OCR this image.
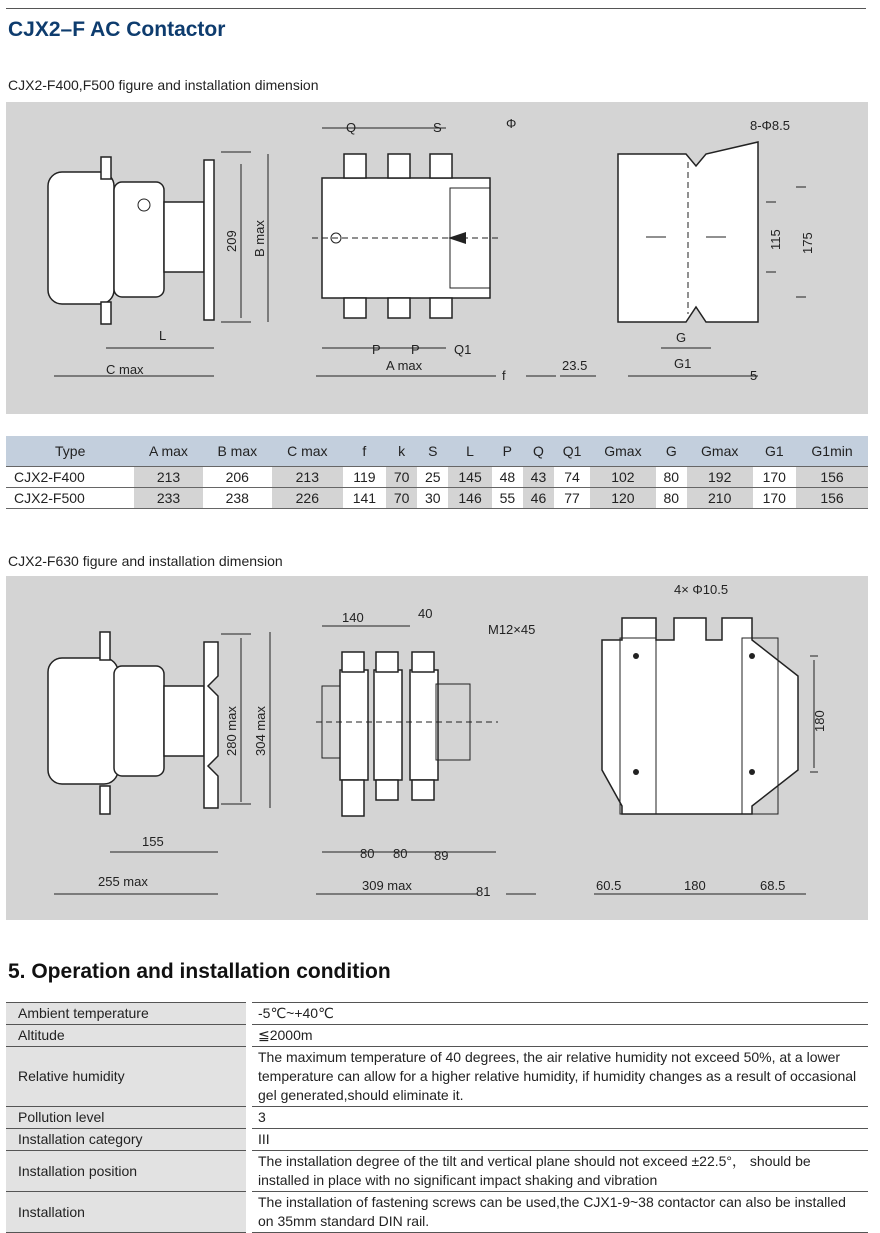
CJX2–F AC Contactor
CJX2-F400,F500 figure and installation dimension
209 B max
L
C max
Q	S	Φ
P P	Q1
A max
f
8-Φ8.5
115 175
23.5
G
G1
5
Type	A max	B max	C max	f	k	S	L	P	Q	Q1	Gmax	G	Gmax	G1	G1min
CJX2-F400	213	206	213	119	70	25	145	48	43	74	102	80	192	170	156
CJX2-F500	233	238	226	141	70	30	146	55	46	77	120	80	210	170	156
CJX2-F630 figure and installation dimension
280 max 304 max
155
255 max
140	40
M12×45
80 80 89
309 max	81
4× Φ10.5
180
60.5	180	68.5
5. Operation and installation condition
Ambient temperature		-5℃~+40℃
Altitude		≦2000m
Relative humidity		The maximum temperature of 40 degrees, the air relative humidity not exceed 50%, at a lower temperature can allow for a higher relative humidity, if humidity changes as a result of occasional gel generated,should eliminate it.
Pollution level		3
Installation category		III
Installation position		The installation degree of the tilt and vertical plane should not exceed ±22.5°， should be installed in place with no significant impact shaking and vibration
Installation		The installation of fastening screws can be used,the CJX1-9~38 contactor can also be installed on 35mm standard DIN rail.
